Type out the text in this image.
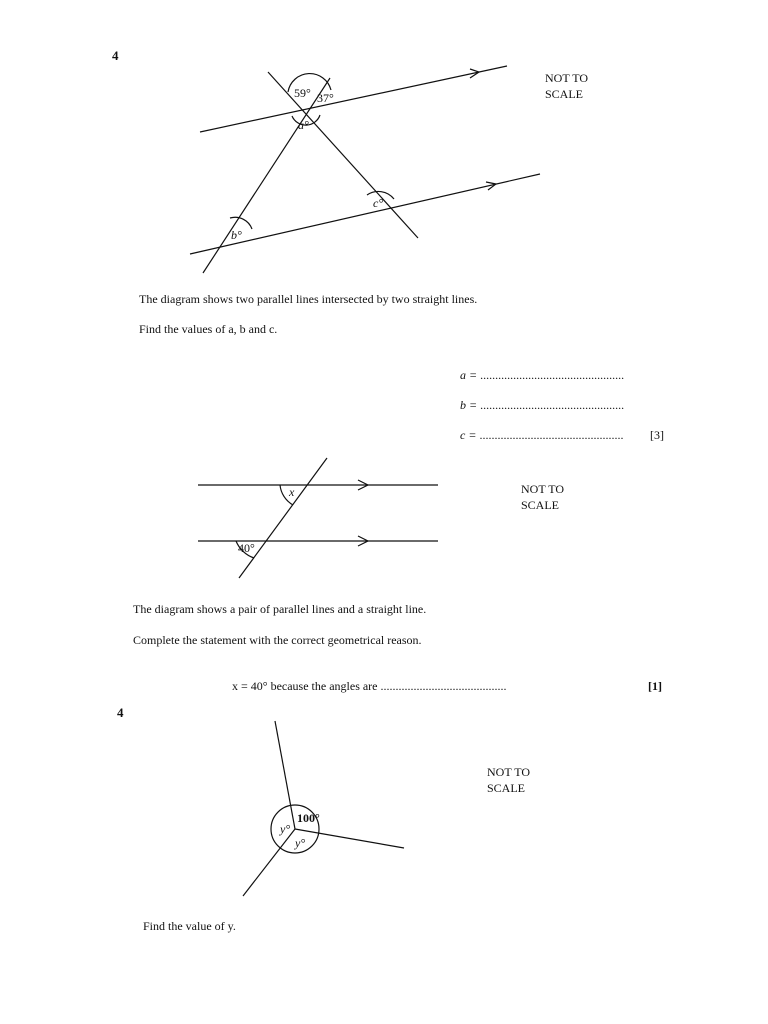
4
59° 37°
a°
b°
c°
NOT TO
SCALE
The diagram shows two parallel lines intersected by two straight lines.
Find the values of a, b and c.
a = ................................................
b = ................................................
c = ................................................ [3]
x
40°
NOT TO
SCALE
The diagram shows a pair of parallel lines and a straight line.
Complete the statement with the correct geometrical reason.
x = 40° because the angles are ..........................................	[1]
4
100°
y°
y°
NOT TO
SCALE
Find the value of y.
